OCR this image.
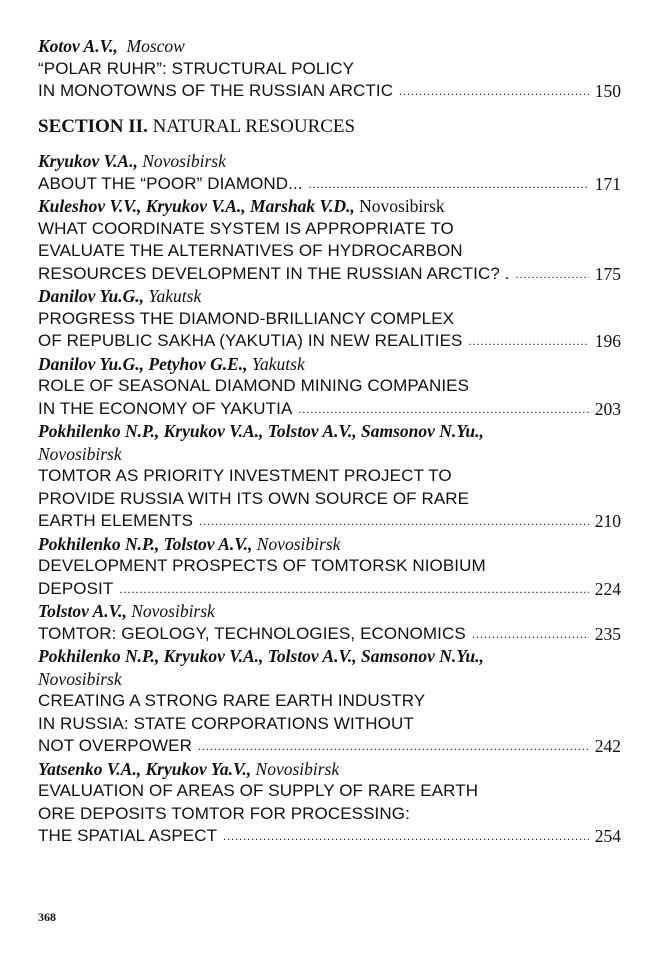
Kotov A.V., Moscow
“POLAR RUHR”: STRUCTURAL POLICY
IN MONOTOWNS OF THE RUSSIAN ARCTIC .....	150
SECTION II. NATURAL RESOURCES
Kryukov V.A., Novosibirsk
ABOUT THE “POOR” DIAMOND... .....	171
Kuleshov V.V., Kryukov V.A., Marshak V.D., Novosibirsk
WHAT COORDINATE SYSTEM IS APPROPRIATE TO
EVALUATE THE ALTERNATIVES OF HYDROCARBON
RESOURCES DEVELOPMENT IN THE RUSSIAN ARCTIC? . .....	175
Danilov Yu.G., Yakutsk
PROGRESS THE DIAMOND-BRILLIANCY COMPLEX
OF REPUBLIC SAKHA (YAKUTIA) IN NEW REALITIES .....	196
Danilov Yu.G., Petyhov G.E., Yakutsk
ROLE OF SEASONAL DIAMOND MINING COMPANIES
IN THE ECONOMY OF YAKUTIA .....	203
Pokhilenko N.P., Kryukov V.A., Tolstov A.V., Samsonov N.Yu.,
Novosibirsk
TOMTOR AS PRIORITY INVESTMENT PROJECT TO
PROVIDE RUSSIA WITH ITS OWN SOURCE OF RARE
EARTH ELEMENTS .....	210
Pokhilenko N.P., Tolstov A.V., Novosibirsk
DEVELOPMENT PROSPECTS OF TOMTORSK NIOBIUM
DEPOSIT .....	224
Tolstov A.V., Novosibirsk
TOMTOR: GEOLOGY, TECHNOLOGIES, ECONOMICS .....	235
Pokhilenko N.P., Kryukov V.A., Tolstov A.V., Samsonov N.Yu.,
Novosibirsk
CREATING A STRONG RARE EARTH INDUSTRY
IN RUSSIA: STATE CORPORATIONS WITHOUT
NOT OVERPOWER .....	242
Yatsenko V.A., Kryukov Ya.V., Novosibirsk
EVALUATION OF AREAS OF SUPPLY OF RARE EARTH
ORE DEPOSITS TOMTOR FOR PROCESSING:
THE SPATIAL ASPECT .....	254
368
